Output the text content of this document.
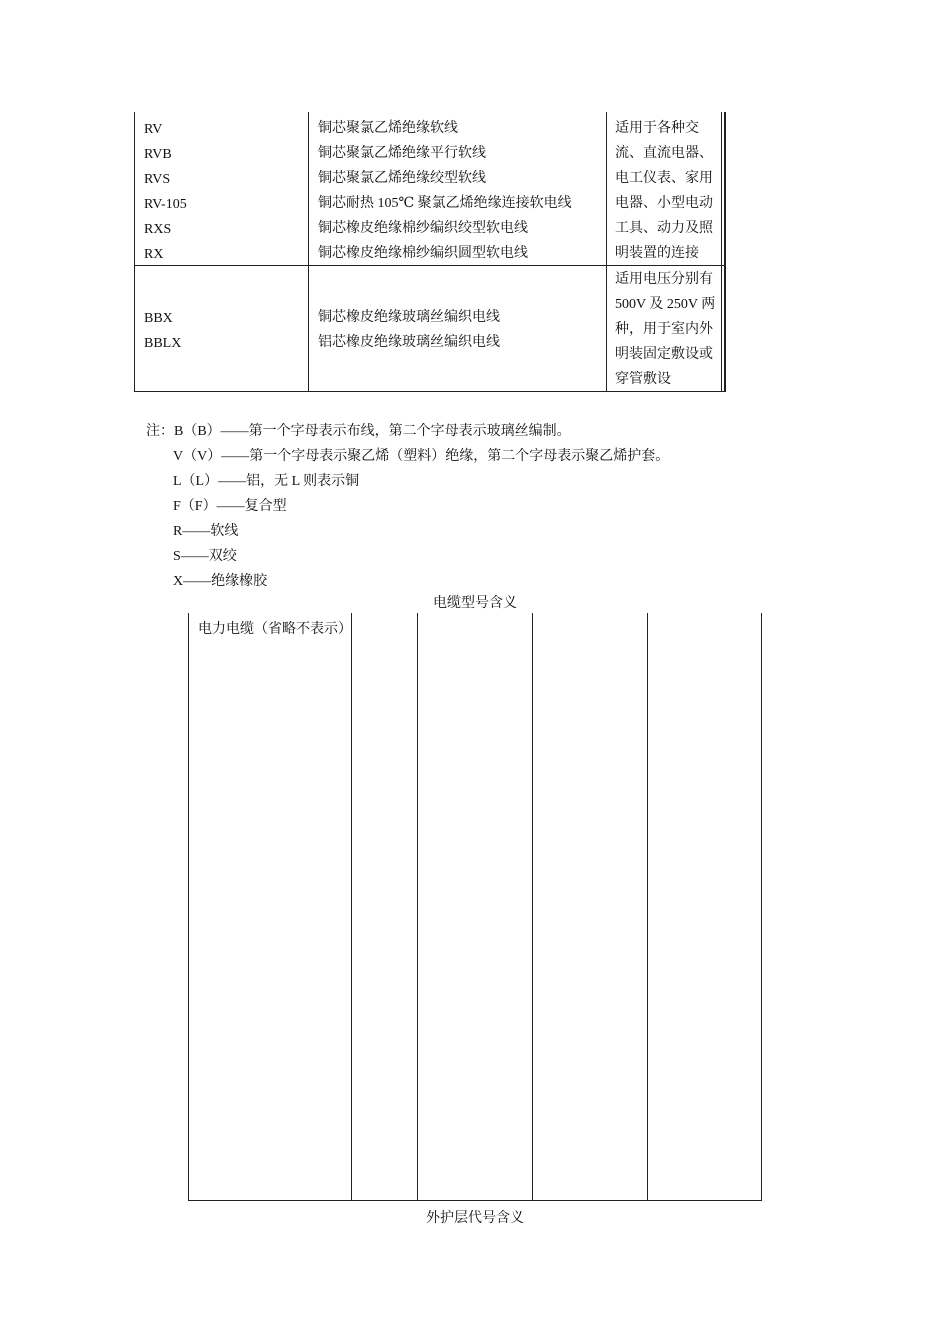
RV
RVB
RVS
RV-105
RXS
RX
铜芯聚氯乙烯绝缘软线
铜芯聚氯乙烯绝缘平行软线
铜芯聚氯乙烯绝缘绞型软线
铜芯耐热 105℃ 聚氯乙烯绝缘连接软电线
铜芯橡皮绝缘棉纱编织绞型软电线
铜芯橡皮绝缘棉纱编织圆型软电线
适用于各种交
流、直流电器、
电工仪表、家用
电器、小型电动
工具、动力及照
明装置的连接
BBX
BBLX
铜芯橡皮绝缘玻璃丝编织电线
铝芯橡皮绝缘玻璃丝编织电线
适用电压分别有
500V 及 250V 两
种，用于室内外
明装固定敷设或
穿管敷设
注：B（B）——第一个字母表示布线，第二个字母表示玻璃丝编制。
V（V）——第一个字母表示聚乙烯（塑料）绝缘，第二个字母表示聚乙烯护套。
L（L）——铝，无 L 则表示铜
F（F）——复合型
R——软线
S——双绞
X——绝缘橡胶
电缆型号含义
电力电缆（省略不表示）
外护层代号含义
